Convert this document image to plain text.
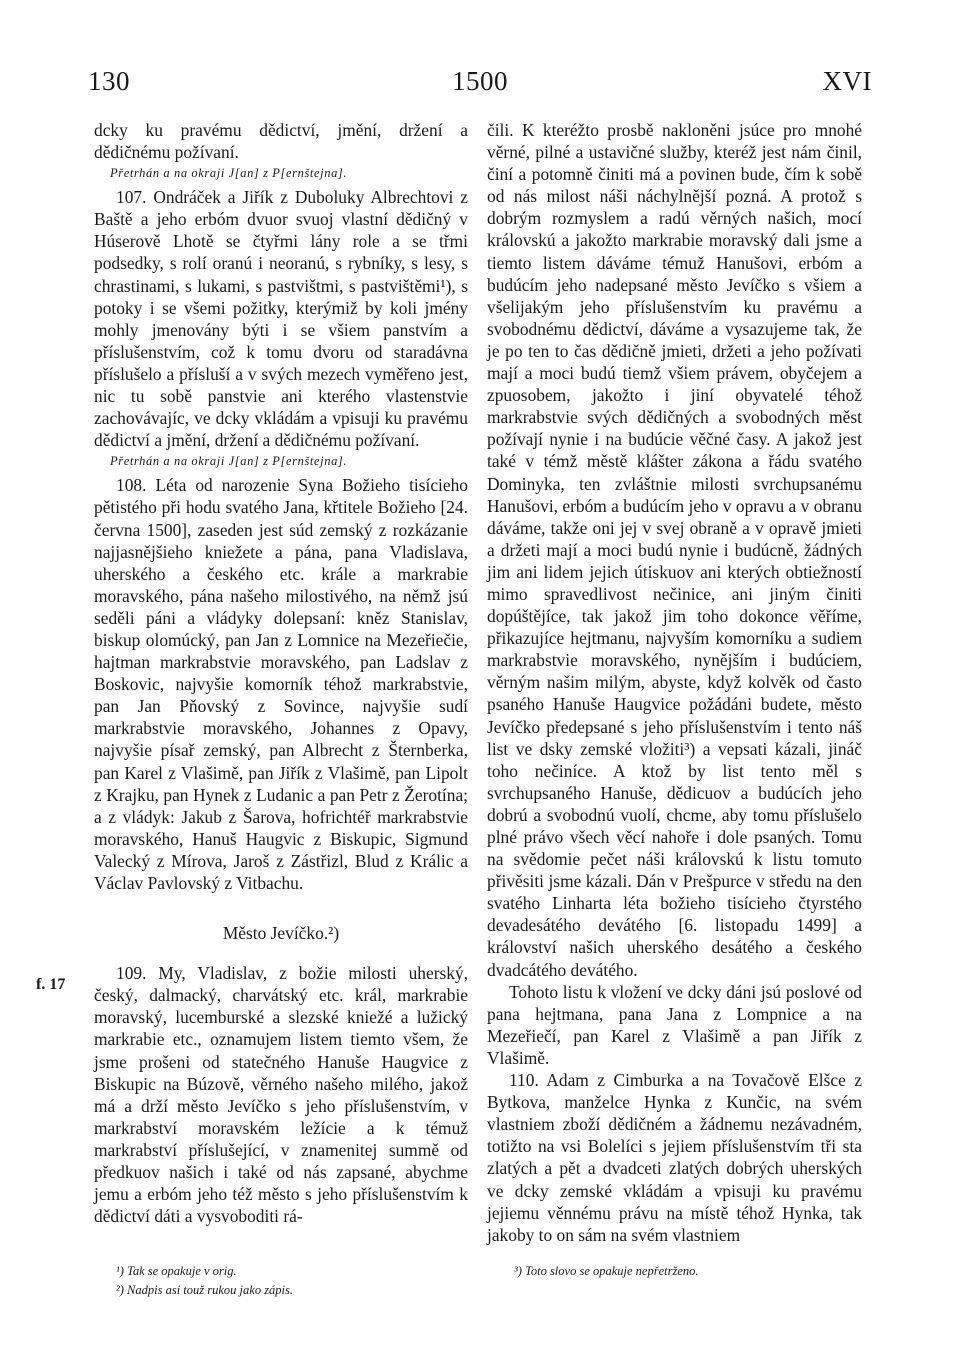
130	1500	XVI
f. 17

dcky ku pravému dědictví, jmění, držení a dědičnému požívaní.

Přetrhán a na okraji J[an] z P[ernštejna].

107. Ondráček a Jiřík z Duboluky Albrechtovi z Baště a jeho erbóm dvuor svuoj vlastní dědičný v Húserově Lhotě se čtyřmi lány role a se třmi podsedky, s rolí oranú i neoranú, s rybníky, s lesy, s chrastinami, s lukami, s pastvištmi, s pastvištěmi¹), s potoky i se všemi požitky, kterýmiž by koli jmény mohly jmenovány býti i se všiem panstvím a příslušenstvím, což k tomu dvoru od staradávna příslušelo a přísluší a v svých mezech vyměřeno jest, nic tu sobě panstvie ani kterého vlastenstvie zachovávajíc, ve dcky vkládám a vpisuji ku pravému dědictví a jmění, držení a dědičnému požívaní.

Přetrhán a na okraji J[an] z P[ernštejna].

108. Léta od narozenie Syna Božieho tisícieho pětistého při hodu svatého Jana, křtitele Božieho [24. června 1500], zaseden jest súd zemský z rozkázanie najjasnějšieho kniežete a pána, pana Vladislava, uherského a českého etc. krále a markrabie moravského, pána našeho milostivého, na němž jsú seděli páni a vládyky dolepsaní: kněz Stanislav, biskup olomúcký, pan Jan z Lomnice na Mezeřiečie, hajtman markrabstvie moravského, pan Ladslav z Boskovic, najvyšie komorník téhož markrabstvie, pan Jan Pňovský z Sovince, najvyšie sudí markrabstvie moravského, Johannes z Opavy, najvyšie písař zemský, pan Albrecht z Šternberka, pan Karel z Vlašimě, pan Jiřík z Vlašimě, pan Lipolt z Krajku, pan Hynek z Ludanic a pan Petr z Žerotína; a z vládyk: Jakub z Šarova, hofrichtéř markrabstvie moravského, Hanuš Haugvic z Biskupic, Sigmund Valecký z Mírova, Jaroš z Zástřizl, Blud z Králic a Václav Pavlovský z Vitbachu.

Město Jevíčko.²)

109. My, Vladislav, z božie milosti uherský, český, dalmacký, charvátský etc. král, markrabie moravský, lucemburské a slezské kniežé a lužický markrabie etc., oznamujem listem tiemto všem, že jsme prošeni od statečného Hanuše Haugvice z Biskupic na Búzově, věrného našeho milého, jakož má a drží město Jevíčko s jeho příslušenstvím, v markrabství moravském ležície a k témuž markrabství příslušející, v znamenitej summě od předkuov našich i také od nás zapsané, abychme jemu a erbóm jeho též město s jeho příslušenstvím k dědictví dáti a vysvoboditi rá-

čili. K kteréžto prosbě nakloněni jsúce pro mnohé věrné, pilné a ustavičné služby, kteréž jest nám činil, činí a potomně činiti má a povinen bude, čím k sobě od nás milost náši náchylnější pozná. A protož s dobrým rozmyslem a radú věrných našich, mocí královskú a jakožto markrabie moravský dali jsme a tiemto listem dáváme témuž Hanušovi, erbóm a budúcím jeho nadepsané město Jevíčko s všiem a všelijakým jeho příslušenstvím ku pravému a svobodnému dědictví, dáváme a vysazujeme tak, že je po ten to čas dědičně jmieti, držeti a jeho požívati mají a moci budú tiemž všiem právem, obyčejem a zpuosobem, jakožto i jiní obyvatelé téhož markrabstvie svých dědičných a svobodných měst požívají nynie i na budúcie věčné časy. A jakož jest také v témž městě klášter zákona a řádu svatého Dominyka, ten zvláštnie milosti svrchupsanému Hanušovi, erbóm a budúcím jeho v opravu a v obranu dáváme, takže oni jej v svej obraně a v opravě jmieti a držeti mají a moci budú nynie i budúcně, žádných jim ani lidem jejich útiskuov ani kterých obtiežností mimo spravedlivost nečinice, ani jiným činiti dopúštějíce, tak jakož jim toho dokonce věříme, přikazujíce hejtmanu, najvyším komorníku a sudiem markrabstvie moravského, nynějším i budúciem, věrným našim milým, abyste, když kolvěk od často psaného Hanuše Haugvice požádáni budete, město Jevíčko předepsané s jeho příslušenstvím i tento náš list ve dsky zemské vložiti³) a vepsati kázali, jináč toho nečiníce. A ktož by list tento měl s svrchupsaného Hanuše, dědicuov a budúcích jeho dobrú a svobodnú vuolí, chcme, aby tomu příslušelo plné právo všech věcí nahoře i dole psaných. Tomu na svědomie pečet náši královskú k listu tomuto přivěsiti jsme kázali. Dán v Prešpurce v středu na den svatého Linharta léta božieho tisícieho čtyrstého devadesátého devátého [6. listopadu 1499] a království našich uherského desátého a českého dvadcátého devátého.

Tohoto listu k vložení ve dcky dáni jsú poslové od pana hejtmana, pana Jana z Lompnice a na Mezeřiečí, pan Karel z Vlašimě a pan Jiřík z Vlašimě.

110. Adam z Cimburka a na Tovačově Elšce z Bytkova, manželce Hynka z Kunčic, na svém vlastniem zboží dědičném a žádnemu nezávadném, totižto na vsi Bolelíci s jejiem příslušenstvím tři sta zlatých a pět a dvadceti zlatých dobrých uherských ve dcky zemské vkládám a vpisuji ku pravému jejiemu věnnému právu na místě téhož Hynka, tak jakoby to on sám na svém vlastniem

¹) Tak se opakuje v orig.
²) Nadpis asi touž rukou jako zápis.
³) Toto slovo se opakuje nepřetrženo.
